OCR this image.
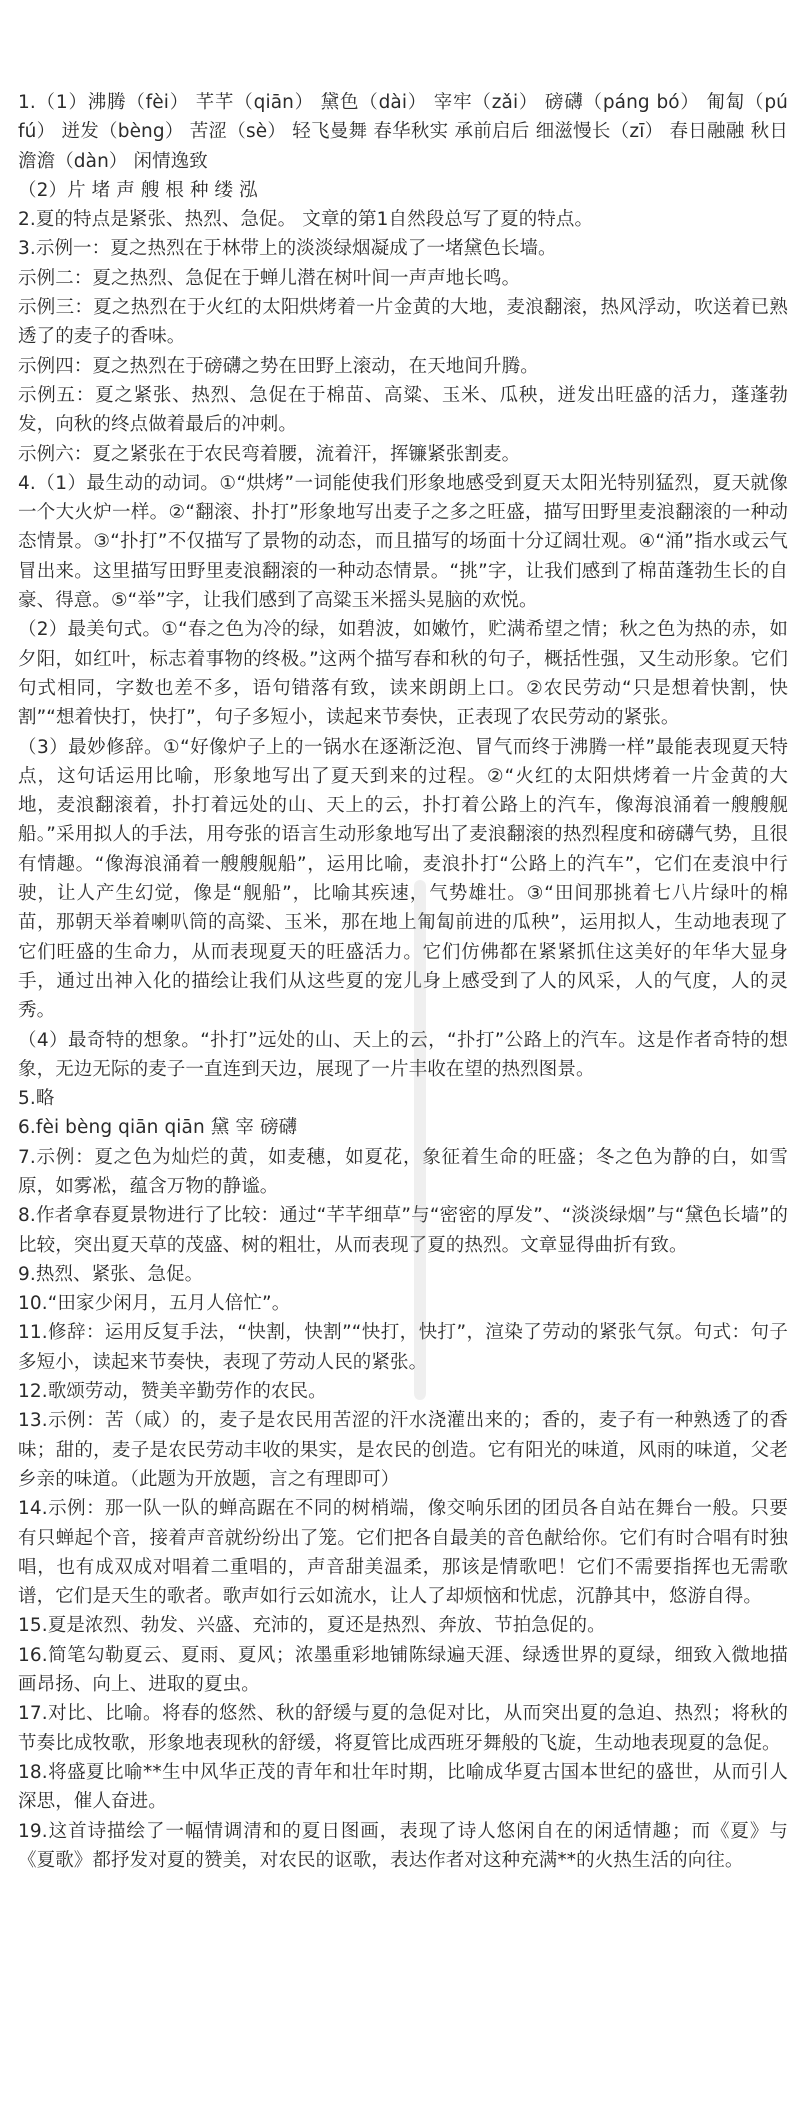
1.（1）沸腾（fèi） 芊芊（qiān） 黛色（dài） 宰牢（zǎi） 磅礴（páng bó） 匍匐（pú fú） 迸发（bèng） 苦涩（sè） 轻飞曼舞 春华秋实 承前启后 细滋慢长（zī） 春日融融 秋日澹澹（dàn） 闲情逸致

（2）片 堵 声 艘 根 种 缕 泓

2.夏的特点是紧张、热烈、急促。 文章的第1自然段总写了夏的特点。

3.示例一：夏之热烈在于林带上的淡淡绿烟凝成了一堵黛色长墙。

示例二：夏之热烈、急促在于蝉儿潜在树叶间一声声地长鸣。

示例三：夏之热烈在于火红的太阳烘烤着一片金黄的大地，麦浪翻滚，热风浮动，吹送着已熟透了的麦子的香味。

示例四：夏之热烈在于磅礴之势在田野上滚动，在天地间升腾。

示例五：夏之紧张、热烈、急促在于棉苗、高粱、玉米、瓜秧，迸发出旺盛的活力，蓬蓬勃发，向秋的终点做着最后的冲刺。

示例六：夏之紧张在于农民弯着腰，流着汗，挥镰紧张割麦。

4.（1）最生动的动词。①“烘烤”一词能使我们形象地感受到夏天太阳光特别猛烈，夏天就像一个大火炉一样。②“翻滚、扑打”形象地写出麦子之多之旺盛，描写田野里麦浪翻滚的一种动态情景。③“扑打”不仅描写了景物的动态，而且描写的场面十分辽阔壮观。④“涌”指水或云气冒出来。这里描写田野里麦浪翻滚的一种动态情景。“挑”字，让我们感到了棉苗蓬勃生长的自豪、得意。⑤“举”字，让我们感到了高粱玉米摇头晃脑的欢悦。

（2）最美句式。①“春之色为冷的绿，如碧波，如嫩竹，贮满希望之情；秋之色为热的赤，如夕阳，如红叶，标志着事物的终极。”这两个描写春和秋的句子，概括性强，又生动形象。它们句式相同，字数也差不多，语句错落有致，读来朗朗上口。②农民劳动“只是想着快割，快割”“想着快打，快打”，句子多短小，读起来节奏快，正表现了农民劳动的紧张。

（3）最妙修辞。①“好像炉子上的一锅水在逐渐泛泡、冒气而终于沸腾一样”最能表现夏天特点，这句话运用比喻，形象地写出了夏天到来的过程。②“火红的太阳烘烤着一片金黄的大地，麦浪翻滚着，扑打着远处的山、天上的云，扑打着公路上的汽车，像海浪涌着一艘艘舰船。”采用拟人的手法，用夸张的语言生动形象地写出了麦浪翻滚的热烈程度和磅礴气势，且很有情趣。“像海浪涌着一艘艘舰船”，运用比喻，麦浪扑打“公路上的汽车”，它们在麦浪中行驶，让人产生幻觉，像是“舰船”，比喻其疾速，气势雄壮。③“田间那挑着七八片绿叶的棉苗，那朝天举着喇叭筒的高粱、玉米，那在地上匍匐前进的瓜秧”，运用拟人，生动地表现了它们旺盛的生命力，从而表现夏天的旺盛活力。它们仿佛都在紧紧抓住这美好的年华大显身手，通过出神入化的描绘让我们从这些夏的宠儿身上感受到了人的风采，人的气度，人的灵秀。

（4）最奇特的想象。“扑打”远处的山、天上的云，“扑打”公路上的汽车。这是作者奇特的想象，无边无际的麦子一直连到天边，展现了一片丰收在望的热烈图景。

5.略

6.fèi bèng qiān qiān 黛 宰 磅礴

7.示例：夏之色为灿烂的黄，如麦穗，如夏花，象征着生命的旺盛；冬之色为静的白，如雪原，如雾凇，蕴含万物的静谧。

8.作者拿春夏景物进行了比较：通过“芊芊细草”与“密密的厚发”、“淡淡绿烟”与“黛色长墙”的比较，突出夏天草的茂盛、树的粗壮，从而表现了夏的热烈。文章显得曲折有致。

9.热烈、紧张、急促。

10.“田家少闲月，五月人倍忙”。

11.修辞：运用反复手法，“快割，快割”“快打，快打”，渲染了劳动的紧张气氛。句式：句子多短小，读起来节奏快，表现了劳动人民的紧张。

12.歌颂劳动，赞美辛勤劳作的农民。

13.示例：苦（咸）的，麦子是农民用苦涩的汗水浇灌出来的；香的，麦子有一种熟透了的香味；甜的，麦子是农民劳动丰收的果实，是农民的创造。它有阳光的味道，风雨的味道，父老乡亲的味道。（此题为开放题，言之有理即可）

14.示例：那一队一队的蝉高踞在不同的树梢端，像交响乐团的团员各自站在舞台一般。只要有只蝉起个音，接着声音就纷纷出了笼。它们把各自最美的音色献给你。它们有时合唱有时独唱，也有成双成对唱着二重唱的，声音甜美温柔，那该是情歌吧！它们不需要指挥也无需歌谱，它们是天生的歌者。歌声如行云如流水，让人了却烦恼和忧虑，沉静其中，悠游自得。

15.夏是浓烈、勃发、兴盛、充沛的，夏还是热烈、奔放、节拍急促的。

16.简笔勾勒夏云、夏雨、夏风；浓墨重彩地铺陈绿遍天涯、绿透世界的夏绿，细致入微地描画昂扬、向上、进取的夏虫。

17.对比、比喻。将春的悠然、秋的舒缓与夏的急促对比，从而突出夏的急迫、热烈；将秋的节奏比成牧歌，形象地表现秋的舒缓，将夏管比成西班牙舞般的飞旋，生动地表现夏的急促。

18.将盛夏比喻**生中风华正茂的青年和壮年时期，比喻成华夏古国本世纪的盛世，从而引人深思，催人奋进。

19.这首诗描绘了一幅情调清和的夏日图画，表现了诗人悠闲自在的闲适情趣；而《夏》与《夏歌》都抒发对夏的赞美，对农民的讴歌，表达作者对这种充满**的火热生活的向往。
